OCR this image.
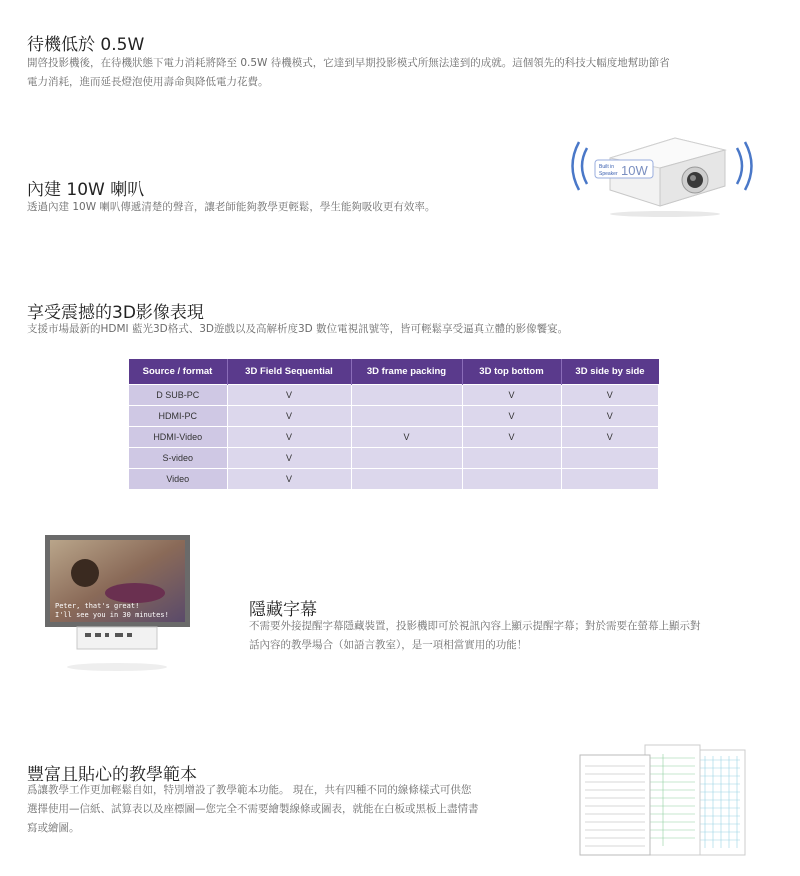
待機低於 0.5W

開啓投影機後，在待機狀態下電力消耗將降至 0.5W 待機模式，它達到早期投影模式所無法達到的成就。這個領先的科技大幅度地幫助節省
電力消耗，進而延長燈泡使用壽命與降低電力花費。

內建 10W 喇叭

透過內建 10W 喇叭傳遞清楚的聲音，讓老師能夠教學更輕鬆，學生能夠吸收更有效率。

Built in
Speaker 10W
享受震撼的3D影像表現

支援市場最新的HDMI 藍光3D格式、3D遊戲以及高解析度3D 數位電視訊號等，皆可輕鬆享受逼真立體的影像饗宴。

Source / format	3D Field Sequential	3D frame packing	3D top bottom	3D side by side
D SUB-PC	V		V	V
HDMI-PC	V		V	V
HDMI-Video	V	V	V	V
S-video	V			
Video	V			
Peter, that's great!
I'll see you in 30 minutes!	隱藏字幕

不需要外接提醒字幕隱藏裝置，投影機即可於視訊內容上顯示提醒字幕；對於需要在螢幕上顯示對
話內容的教學場合（如語言教室），是一項相當實用的功能！

豐富且貼心的教學範本

爲讓教學工作更加輕鬆自如，特別增設了教學範本功能。 現在，共有四種不同的線條樣式可供您
選擇使用—信紙、試算表以及座標圖—您完全不需要繪製線條或圖表，就能在白板或黑板上盡情書
寫或繪圖。
